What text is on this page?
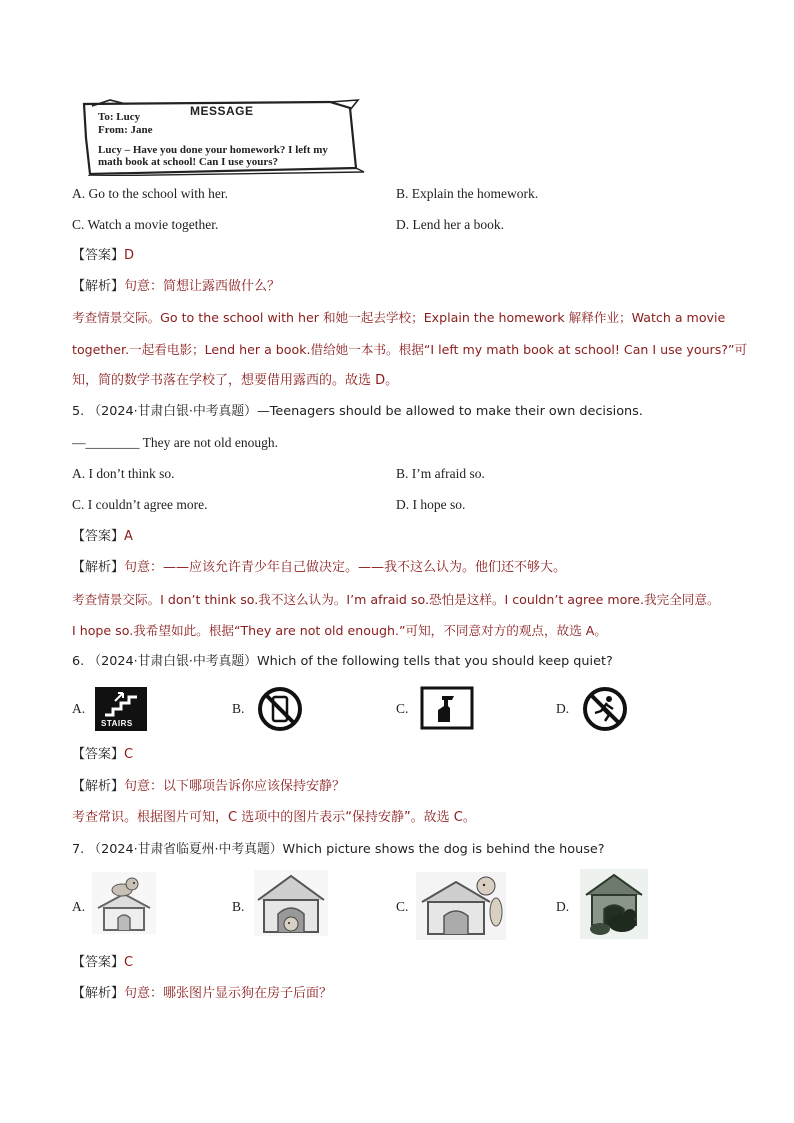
MESSAGE
To: Lucy
From: Jane
Lucy – Have you done your homework? I left my
math book at school! Can I use yours?
A. Go to the school with her.	B. Explain the homework.
C. Watch a movie together.	D. Lend her a book.
【答案】D
【解析】句意：简想让露西做什么？
考查情景交际。Go to the school with her 和她一起去学校；Explain the homework 解释作业；Watch a movie
together.一起看电影；Lend her a book.借给她一本书。根据“I left my math book at school! Can I use yours?”可
知，简的数学书落在学校了，想要借用露西的。故选 D。
5. （2024·甘肃白银·中考真题）—Teenagers should be allowed to make their own decisions.
—________ They are not old enough.
A. I don’t think so.	B. I’m afraid so.
C. I couldn’t agree more.	D. I hope so.
【答案】A
【解析】句意：——应该允许青少年自己做决定。——我不这么认为。他们还不够大。
考查情景交际。I don’t think so.我不这么认为。I’m afraid so.恐怕是这样。I couldn’t agree more.我完全同意。
I hope so.我希望如此。根据“They are not old enough.”可知，不同意对方的观点，故选 A。
6. （2024·甘肃白银·中考真题）Which of the following tells that you should keep quiet?
A.
STAIRS
B.	C.	D.
【答案】C
【解析】句意：以下哪项告诉你应该保持安静？
考查常识。根据图片可知，C 选项中的图片表示“保持安静”。故选 C。
7. （2024·甘肃省临夏州·中考真题）Which picture shows the dog is behind the house?
A.	B.	C.	D.
【答案】C
【解析】句意：哪张图片显示狗在房子后面？
